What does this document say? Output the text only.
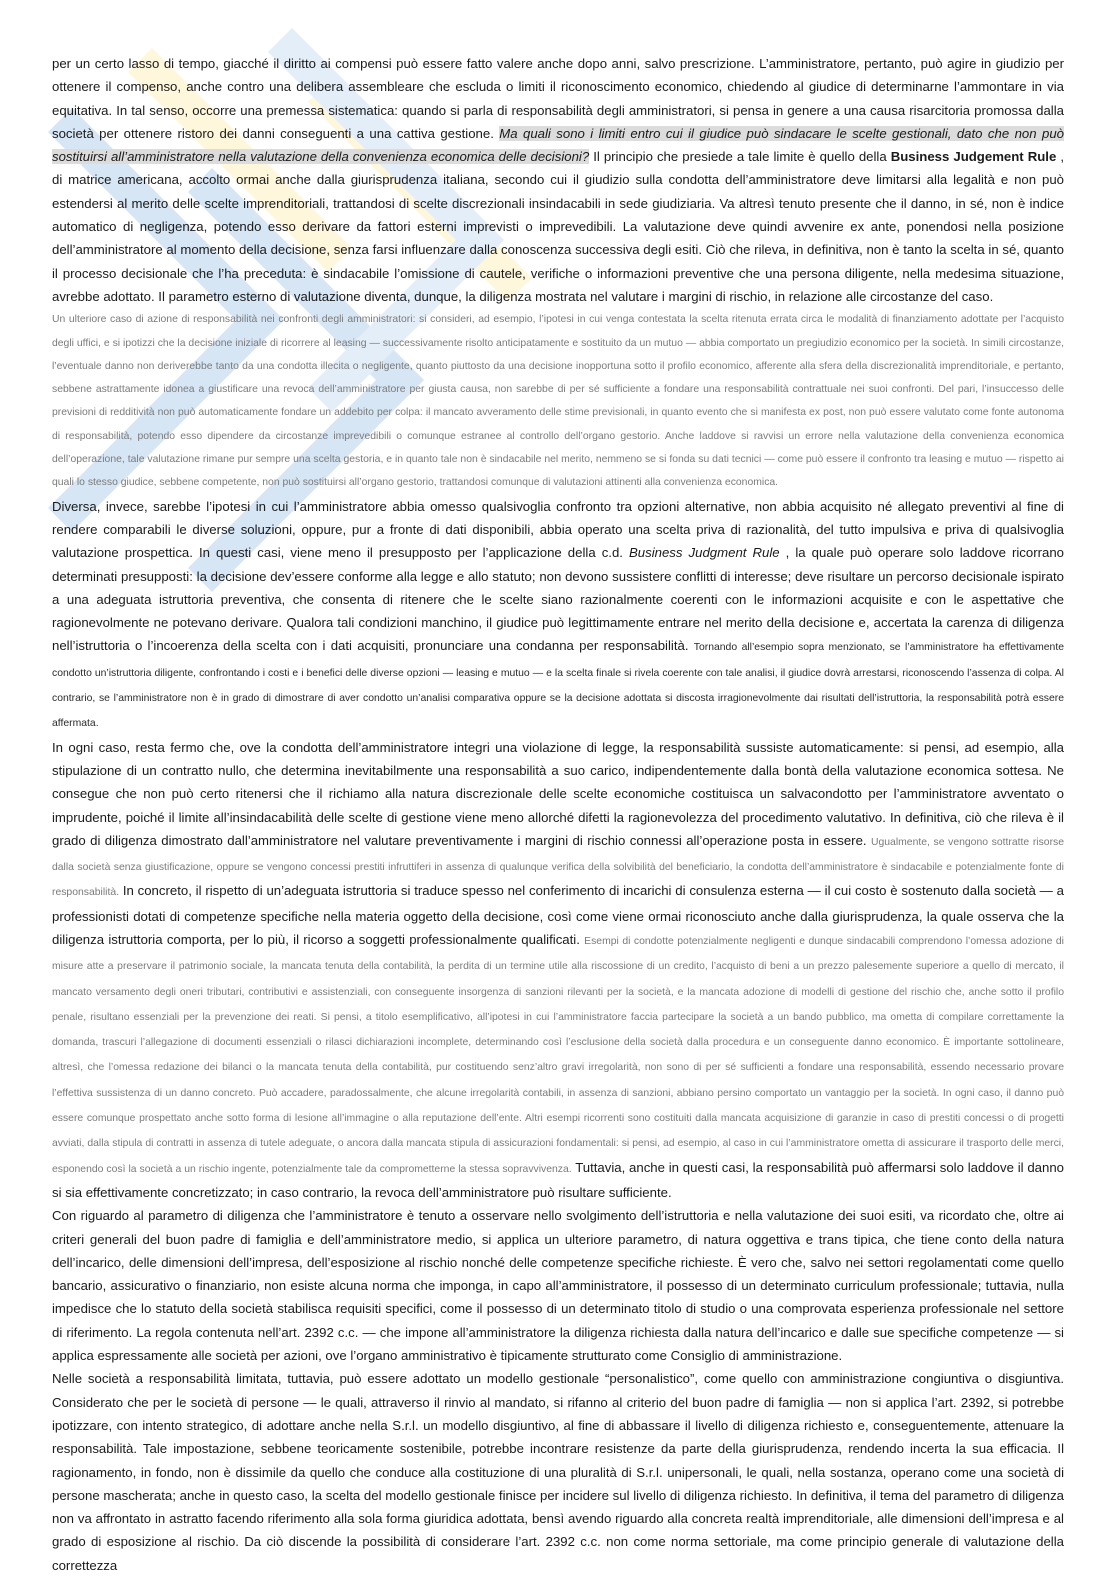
per un certo lasso di tempo, giacché il diritto ai compensi può essere fatto valere anche dopo anni, salvo prescrizione. L’amministratore, pertanto, può agire in giudizio per ottenere il compenso, anche contro una delibera assembleare che escluda o limiti il riconoscimento economico, chiedendo al giudice di determinarne l’ammontare in via equitativa. In tal senso, occorre una premessa sistematica: quando si parla di responsabilità degli amministratori, si pensa in genere a una causa risarcitoria promossa dalla società per ottenere ristoro dei danni conseguenti a una cattiva gestione. Ma quali sono i limiti entro cui il giudice può sindacare le scelte gestionali, dato che non può sostituirsi all’amministratore nella valutazione della convenienza economica delle decisioni? Il principio che presiede a tale limite è quello della Business Judgement Rule , di matrice americana, accolto ormai anche dalla giurisprudenza italiana, secondo cui il giudizio sulla condotta dell’amministratore deve limitarsi alla legalità e non può estendersi al merito delle scelte imprenditoriali, trattandosi di scelte discrezionali insindacabili in sede giudiziaria. Va altresì tenuto presente che il danno, in sé, non è indice automatico di negligenza, potendo esso derivare da fattori esterni imprevisti o imprevedibili. La valutazione deve quindi avvenire ex ante, ponendosi nella posizione dell’amministratore al momento della decisione, senza farsi influenzare dalla conoscenza successiva degli esiti. Ciò che rileva, in definitiva, non è tanto la scelta in sé, quanto il processo decisionale che l’ha preceduta: è sindacabile l’omissione di cautele, verifiche o informazioni preventive che una persona diligente, nella medesima situazione, avrebbe adottato. Il parametro esterno di valutazione diventa, dunque, la diligenza mostrata nel valutare i margini di rischio, in relazione alle circostanze del caso.

Un ulteriore caso di azione di responsabilità nei confronti degli amministratori: si consideri, ad esempio, l’ipotesi in cui venga contestata la scelta ritenuta errata circa le modalità di finanziamento adottate per l’acquisto degli uffici, e si ipotizzi che la decisione iniziale di ricorrere al leasing — successivamente risolto anticipatamente e sostituito da un mutuo — abbia comportato un pregiudizio economico per la società. In simili circostanze, l’eventuale danno non deriverebbe tanto da una condotta illecita o negligente, quanto piuttosto da una decisione inopportuna sotto il profilo economico, afferente alla sfera della discrezionalità imprenditoriale, e pertanto, sebbene astrattamente idonea a giustificare una revoca dell’amministratore per giusta causa, non sarebbe di per sé sufficiente a fondare una responsabilità contrattuale nei suoi confronti. Del pari, l’insuccesso delle previsioni di redditività non può automaticamente fondare un addebito per colpa: il mancato avveramento delle stime previsionali, in quanto evento che si manifesta ex post, non può essere valutato come fonte autonoma di responsabilità, potendo esso dipendere da circostanze imprevedibili o comunque estranee al controllo dell’organo gestorio. Anche laddove si ravvisi un errore nella valutazione della convenienza economica dell’operazione, tale valutazione rimane pur sempre una scelta gestoria, e in quanto tale non è sindacabile nel merito, nemmeno se si fonda su dati tecnici — come può essere il confronto tra leasing e mutuo — rispetto ai quali lo stesso giudice, sebbene competente, non può sostituirsi all’organo gestorio, trattandosi comunque di valutazioni attinenti alla convenienza economica.

Diversa, invece, sarebbe l’ipotesi in cui l’amministratore abbia omesso qualsivoglia confronto tra opzioni alternative, non abbia acquisito né allegato preventivi al fine di rendere comparabili le diverse soluzioni, oppure, pur a fronte di dati disponibili, abbia operato una scelta priva di razionalità, del tutto impulsiva e priva di qualsivoglia valutazione prospettica. In questi casi, viene meno il presupposto per l’applicazione della c.d. Business Judgment Rule , la quale può operare solo laddove ricorrano determinati presupposti: la decisione dev’essere conforme alla legge e allo statuto; non devono sussistere conflitti di interesse; deve risultare un percorso decisionale ispirato a una adeguata istruttoria preventiva, che consenta di ritenere che le scelte siano razionalmente coerenti con le informazioni acquisite e con le aspettative che ragionevolmente ne potevano derivare. Qualora tali condizioni manchino, il giudice può legittimamente entrare nel merito della decisione e, accertata la carenza di diligenza nell’istruttoria o l’incoerenza della scelta con i dati acquisiti, pronunciare una condanna per responsabilità. Tornando all’esempio sopra menzionato, se l’amministratore ha effettivamente condotto un’istruttoria diligente, confrontando i costi e i benefici delle diverse opzioni — leasing e mutuo — e la scelta finale si rivela coerente con tale analisi, il giudice dovrà arrestarsi, riconoscendo l’assenza di colpa. Al contrario, se l’amministratore non è in grado di dimostrare di aver condotto un’analisi comparativa oppure se la decisione adottata si discosta irragionevolmente dai risultati dell’istruttoria, la responsabilità potrà essere affermata.

In ogni caso, resta fermo che, ove la condotta dell’amministratore integri una violazione di legge, la responsabilità sussiste automaticamente: si pensi, ad esempio, alla stipulazione di un contratto nullo, che determina inevitabilmente una responsabilità a suo carico, indipendentemente dalla bontà della valutazione economica sottesa. Ne consegue che non può certo ritenersi che il richiamo alla natura discrezionale delle scelte economiche costituisca un salvacondotto per l’amministratore avventato o imprudente, poiché il limite all’insindacabilità delle scelte di gestione viene meno allorché difetti la ragionevolezza del procedimento valutativo. In definitiva, ciò che rileva è il grado di diligenza dimostrato dall’amministratore nel valutare preventivamente i margini di rischio connessi all’operazione posta in essere. Ugualmente, se vengono sottratte risorse dalla società senza giustificazione, oppure se vengono concessi prestiti infruttiferi in assenza di qualunque verifica della solvibilità del beneficiario, la condotta dell’amministratore è sindacabile e potenzialmente fonte di responsabilità. In concreto, il rispetto di un’adeguata istruttoria si traduce spesso nel conferimento di incarichi di consulenza esterna — il cui costo è sostenuto dalla società — a professionisti dotati di competenze specifiche nella materia oggetto della decisione, così come viene ormai riconosciuto anche dalla giurisprudenza, la quale osserva che la diligenza istruttoria comporta, per lo più, il ricorso a soggetti professionalmente qualificati. Esempi di condotte potenzialmente negligenti e dunque sindacabili comprendono l’omessa adozione di misure atte a preservare il patrimonio sociale, la mancata tenuta della contabilità, la perdita di un termine utile alla riscossione di un credito, l’acquisto di beni a un prezzo palesemente superiore a quello di mercato, il mancato versamento degli oneri tributari, contributivi e assistenziali, con conseguente insorgenza di sanzioni rilevanti per la società, e la mancata adozione di modelli di gestione del rischio che, anche sotto il profilo penale, risultano essenziali per la prevenzione dei reati. Si pensi, a titolo esemplificativo, all’ipotesi in cui l’amministratore faccia partecipare la società a un bando pubblico, ma ometta di compilare correttamente la domanda, trascuri l’allegazione di documenti essenziali o rilasci dichiarazioni incomplete, determinando così l’esclusione della società dalla procedura e un conseguente danno economico. È importante sottolineare, altresì, che l’omessa redazione dei bilanci o la mancata tenuta della contabilità, pur costituendo senz’altro gravi irregolarità, non sono di per sé sufficienti a fondare una responsabilità, essendo necessario provare l’effettiva sussistenza di un danno concreto. Può accadere, paradossalmente, che alcune irregolarità contabili, in assenza di sanzioni, abbiano persino comportato un vantaggio per la società. In ogni caso, il danno può essere comunque prospettato anche sotto forma di lesione all’immagine o alla reputazione dell’ente. Altri esempi ricorrenti sono costituiti dalla mancata acquisizione di garanzie in caso di prestiti concessi o di progetti avviati, dalla stipula di contratti in assenza di tutele adeguate, o ancora dalla mancata stipula di assicurazioni fondamentali: si pensi, ad esempio, al caso in cui l’amministratore ometta di assicurare il trasporto delle merci, esponendo così la società a un rischio ingente, potenzialmente tale da comprometterne la stessa sopravvivenza. Tuttavia, anche in questi casi, la responsabilità può affermarsi solo laddove il danno si sia effettivamente concretizzato; in caso contrario, la revoca dell’amministratore può risultare sufficiente.

Con riguardo al parametro di diligenza che l’amministratore è tenuto a osservare nello svolgimento dell’istruttoria e nella valutazione dei suoi esiti, va ricordato che, oltre ai criteri generali del buon padre di famiglia e dell’amministratore medio, si applica un ulteriore parametro, di natura oggettiva e trans tipica, che tiene conto della natura dell’incarico, delle dimensioni dell’impresa, dell’esposizione al rischio nonché delle competenze specifiche richieste. È vero che, salvo nei settori regolamentati come quello bancario, assicurativo o finanziario, non esiste alcuna norma che imponga, in capo all’amministratore, il possesso di un determinato curriculum professionale; tuttavia, nulla impedisce che lo statuto della società stabilisca requisiti specifici, come il possesso di un determinato titolo di studio o una comprovata esperienza professionale nel settore di riferimento. La regola contenuta nell’art. 2392 c.c. — che impone all’amministratore la diligenza richiesta dalla natura dell’incarico e dalle sue specifiche competenze — si applica espressamente alle società per azioni, ove l’organo amministrativo è tipicamente strutturato come Consiglio di amministrazione.

Nelle società a responsabilità limitata, tuttavia, può essere adottato un modello gestionale “personalistico”, come quello con amministrazione congiuntiva o disgiuntiva. Considerato che per le società di persone — le quali, attraverso il rinvio al mandato, si rifanno al criterio del buon padre di famiglia — non si applica l’art. 2392, si potrebbe ipotizzare, con intento strategico, di adottare anche nella S.r.l. un modello disgiuntivo, al fine di abbassare il livello di diligenza richiesto e, conseguentemente, attenuare la responsabilità. Tale impostazione, sebbene teoricamente sostenibile, potrebbe incontrare resistenze da parte della giurisprudenza, rendendo incerta la sua efficacia. Il ragionamento, in fondo, non è dissimile da quello che conduce alla costituzione di una pluralità di S.r.l. unipersonali, le quali, nella sostanza, operano come una società di persone mascherata; anche in questo caso, la scelta del modello gestionale finisce per incidere sul livello di diligenza richiesto. In definitiva, il tema del parametro di diligenza non va affrontato in astratto facendo riferimento alla sola forma giuridica adottata, bensì avendo riguardo alla concreta realtà imprenditoriale, alle dimensioni dell’impresa e al grado di esposizione al rischio. Da ciò discende la possibilità di considerare l’art. 2392 c.c. non come norma settoriale, ma come principio generale di valutazione della correttezza
